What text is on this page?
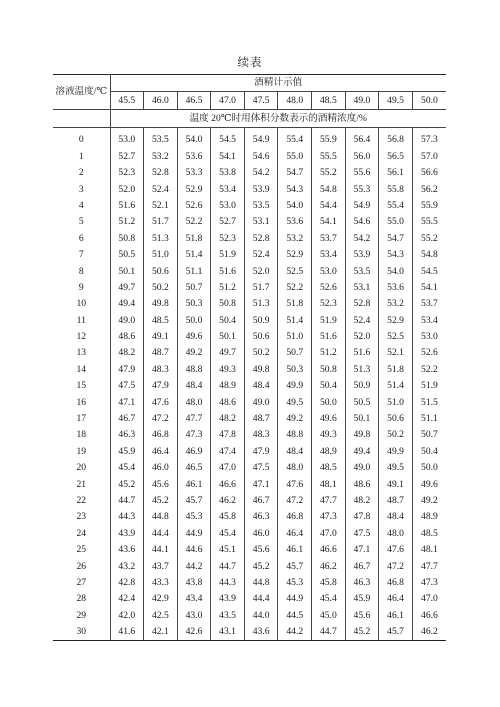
续表
溶液温度/℃	酒精计示值									
	45.5	46.0	46.5	47.0	47.5	48.0	48.5	49.0	49.5	50.0
	温度 20℃时用体积分数表示的酒精浓度/%									
0	53.0	53.5	54.0	54.5	54.9	55.4	55.9	56.4	56.8	57.3
1	52.7	53.2	53.6	54.1	54.6	55.0	55.5	56.0	56.5	57.0
2	52.3	52.8	53.3	53.8	54.2	54.7	55.2	55.6	56.1	56.6
3	52.0	52.4	52.9	53.4	53.9	54.3	54.8	55.3	55.8	56.2
4	51.6	52.1	52.6	53.0	53.5	54.0	54.4	54.9	55.4	55.9
5	51.2	51.7	52.2	52.7	53.1	53.6	54.1	54.6	55.0	55.5
6	50.8	51.3	51.8	52.3	52.8	53.2	53.7	54.2	54.7	55.2
7	50.5	51.0	51.4	51.9	52.4	52.9	53.4	53.9	54.3	54.8
8	50.1	50.6	51.1	51.6	52.0	52.5	53.0	53.5	54.0	54.5
9	49.7	50.2	50.7	51.2	51.7	52.2	52.6	53.1	53.6	54.1
10	49.4	49.8	50.3	50.8	51.3	51.8	52.3	52.8	53.2	53.7
11	49.0	48.5	50.0	50.4	50.9	51.4	51.9	52.4	52.9	53.4
12	48.6	49.1	49.6	50.1	50.6	51.0	51.6	52.0	52.5	53.0
13	48.2	48.7	49.2	49.7	50.2	50.7	51.2	51.6	52.1	52.6
14	47.9	48.3	48.8	49.3	49.8	50.3	50.8	51.3	51.8	52.2
15	47.5	47.9	48.4	48.9	48.4	49.9	50.4	50.9	51.4	51.9
16	47.1	47.6	48.0	48.6	49.0	49.5	50.0	50.5	51.0	51.5
17	46.7	47.2	47.7	48.2	48.7	49.2	49.6	50.1	50.6	51.1
18	46.3	46.8	47.3	47.8	48.3	48.8	49.3	49.8	50.2	50.7
19	45.9	46.4	46.9	47.4	47.9	48.4	48.9	49.4	49.9	50.4
20	45.4	46.0	46.5	47.0	47.5	48.0	48.5	49.0	49.5	50.0
21	45.2	45.6	46.1	46.6	47.1	47.6	48.1	48.6	49.1	49.6
22	44.7	45.2	45.7	46.2	46.7	47.2	47.7	48.2	48.7	49.2
23	44.3	44.8	45.3	45.8	46.3	46.8	47.3	47.8	48.4	48.9
24	43.9	44.4	44.9	45.4	46.0	46.4	47.0	47.5	48.0	48.5
25	43.6	44.1	44.6	45.1	45.6	46.1	46.6	47.1	47.6	48.1
26	43.2	43.7	44.2	44.7	45.2	45.7	46.2	46.7	47.2	47.7
27	42.8	43.3	43.8	44.3	44.8	45.3	45.8	46.3	46.8	47.3
28	42.4	42.9	43.4	43.9	44.4	44.9	45.4	45.9	46.4	47.0
29	42.0	42.5	43.0	43.5	44.0	44.5	45.0	45.6	46.1	46.6
30	41.6	42.1	42.6	43.1	43.6	44.2	44.7	45.2	45.7	46.2
